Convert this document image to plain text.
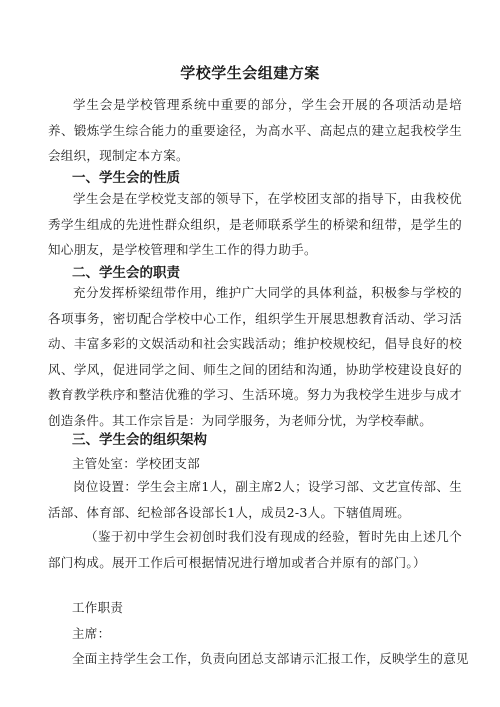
学校学生会组建方案

学生会是学校管理系统中重要的部分，学生会开展的各项活动是培养、锻炼学生综合能力的重要途径，为高水平、高起点的建立起我校学生会组织，现制定本方案。

一、学生会的性质

学生会是在学校党支部的领导下，在学校团支部的指导下，由我校优秀学生组成的先进性群众组织，是老师联系学生的桥梁和纽带，是学生的知心朋友，是学校管理和学生工作的得力助手。

二、学生会的职责

充分发挥桥梁纽带作用，维护广大同学的具体利益，积极参与学校的各项事务，密切配合学校中心工作，组织学生开展思想教育活动、学习活动、丰富多彩的文娱活动和社会实践活动；维护校规校纪，倡导良好的校风、学风，促进同学之间、师生之间的团结和沟通，协助学校建设良好的教育教学秩序和整洁优雅的学习、生活环境。努力为我校学生进步与成才创造条件。其工作宗旨是：为同学服务，为老师分忧，为学校奉献。

三、学生会的组织架构
主管处室：学校团支部

岗位设置：学生会主席1人，副主席2人；设学习部、文艺宣传部、生活部、体育部、纪检部各设部长1人，成员2-3人。下辖值周班。

（鉴于初中学生会初创时我们没有现成的经验，暂时先由上述几个部门构成。展开工作后可根据情况进行增加或者合并原有的部门。）

工作职责
主席：
全面主持学生会工作，负责向团总支部请示汇报工作，反映学生的意见
